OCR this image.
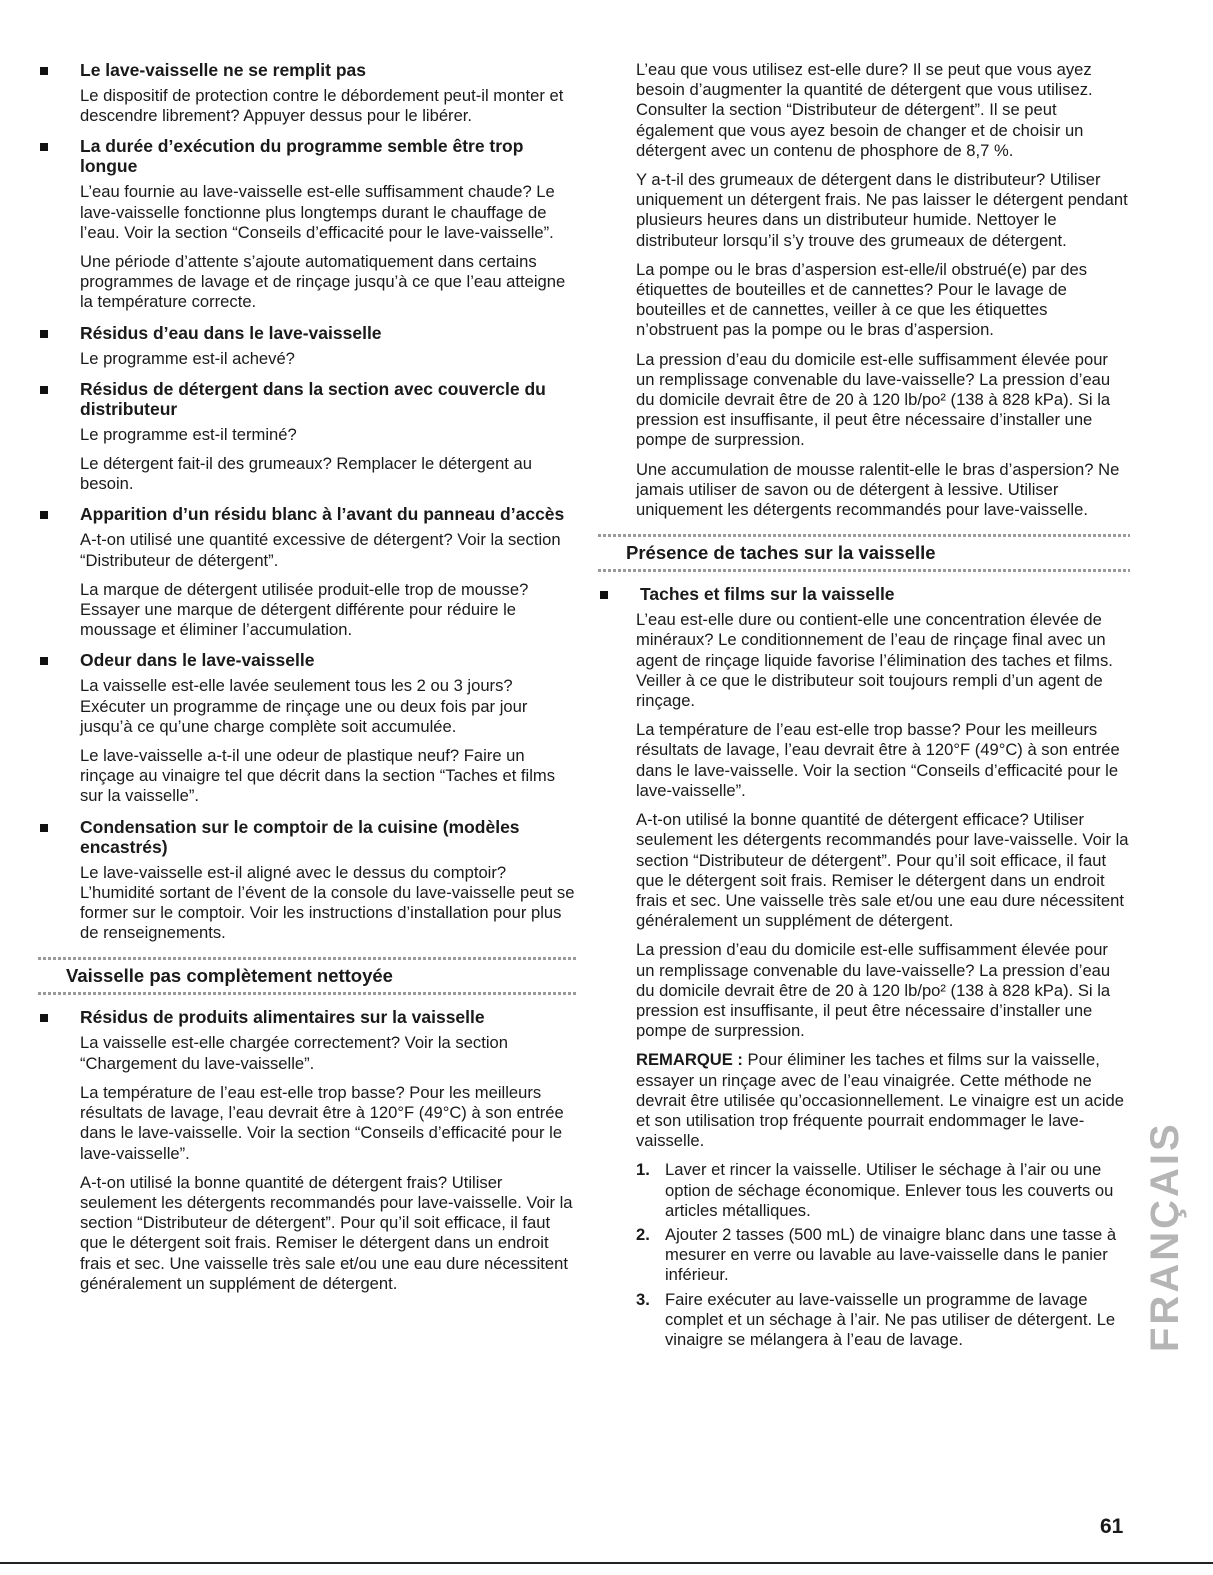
Le lave-vaisselle ne se remplit pas

Le dispositif de protection contre le débordement peut-il monter et descendre librement? Appuyer dessus pour le libérer.

La durée d’exécution du programme semble être trop longue

L’eau fournie au lave-vaisselle est-elle suffisamment chaude? Le lave-vaisselle fonctionne plus longtemps durant le chauffage de l’eau. Voir la section “Conseils d’efficacité pour le lave-vaisselle”.

Une période d’attente s’ajoute automatiquement dans certains programmes de lavage et de rinçage jusqu’à ce que l’eau atteigne la température correcte.

Résidus d’eau dans le lave-vaisselle

Le programme est-il achevé?

Résidus de détergent dans la section avec couvercle du distributeur

Le programme est-il terminé?

Le détergent fait-il des grumeaux? Remplacer le détergent au besoin.

Apparition d’un résidu blanc à l’avant du panneau d’accès

A-t-on utilisé une quantité excessive de détergent? Voir la section “Distributeur de détergent”.

La marque de détergent utilisée produit-elle trop de mousse? Essayer une marque de détergent différente pour réduire le moussage et éliminer l’accumulation.

Odeur dans le lave-vaisselle

La vaisselle est-elle lavée seulement tous les 2 ou 3 jours? Exécuter un programme de rinçage une ou deux fois par jour jusqu’à ce qu’une charge complète soit accumulée.

Le lave-vaisselle a-t-il une odeur de plastique neuf? Faire un rinçage au vinaigre tel que décrit dans la section “Taches et films sur la vaisselle”.

Condensation sur le comptoir de la cuisine (modèles encastrés)

Le lave-vaisselle est-il aligné avec le dessus du comptoir? L’humidité sortant de l’évent de la console du lave-vaisselle peut se former sur le comptoir. Voir les instructions d’installation pour plus de renseignements.

Vaisselle pas complètement nettoyée
Résidus de produits alimentaires sur la vaisselle

La vaisselle est-elle chargée correctement? Voir la section “Chargement du lave-vaisselle”.

La température de l’eau est-elle trop basse? Pour les meilleurs résultats de lavage, l’eau devrait être à 120°F (49°C) à son entrée dans le lave-vaisselle. Voir la section “Conseils d’efficacité pour le lave-vaisselle”.

A-t-on utilisé la bonne quantité de détergent frais? Utiliser seulement les détergents recommandés pour lave-vaisselle. Voir la section “Distributeur de détergent”. Pour qu’il soit efficace, il faut que le détergent soit frais. Remiser le détergent dans un endroit frais et sec. Une vaisselle très sale et/ou une eau dure nécessitent généralement un supplément de détergent.

L’eau que vous utilisez est-elle dure? Il se peut que vous ayez besoin d’augmenter la quantité de détergent que vous utilisez. Consulter la section “Distributeur de détergent”. Il se peut également que vous ayez besoin de changer et de choisir un détergent avec un contenu de phosphore de 8,7 %.

Y a-t-il des grumeaux de détergent dans le distributeur? Utiliser uniquement un détergent frais. Ne pas laisser le détergent pendant plusieurs heures dans un distributeur humide. Nettoyer le distributeur lorsqu’il s’y trouve des grumeaux de détergent.

La pompe ou le bras d’aspersion est-elle/il obstrué(e) par des étiquettes de bouteilles et de cannettes? Pour le lavage de bouteilles et de cannettes, veiller à ce que les étiquettes n’obstruent pas la pompe ou le bras d’aspersion.

La pression d’eau du domicile est-elle suffisamment élevée pour un remplissage convenable du lave-vaisselle? La pression d’eau du domicile devrait être de 20 à 120 lb/po² (138 à 828 kPa). Si la pression est insuffisante, il peut être nécessaire d’installer une pompe de surpression.

Une accumulation de mousse ralentit-elle le bras d’aspersion? Ne jamais utiliser de savon ou de détergent à lessive. Utiliser uniquement les détergents recommandés pour lave-vaisselle.

Présence de taches sur la vaisselle
Taches et films sur la vaisselle

L’eau est-elle dure ou contient-elle une concentration élevée de minéraux? Le conditionnement de l’eau de rinçage final avec un agent de rinçage liquide favorise l’élimination des taches et films. Veiller à ce que le distributeur soit toujours rempli d’un agent de rinçage.

La température de l’eau est-elle trop basse? Pour les meilleurs résultats de lavage, l’eau devrait être à 120°F (49°C) à son entrée dans le lave-vaisselle. Voir la section “Conseils d’efficacité pour le lave-vaisselle”.

A-t-on utilisé la bonne quantité de détergent efficace? Utiliser seulement les détergents recommandés pour lave-vaisselle. Voir la section “Distributeur de détergent”. Pour qu’il soit efficace, il faut que le détergent soit frais. Remiser le détergent dans un endroit frais et sec. Une vaisselle très sale et/ou une eau dure nécessitent généralement un supplément de détergent.

La pression d’eau du domicile est-elle suffisamment élevée pour un remplissage convenable du lave-vaisselle? La pression d’eau du domicile devrait être de 20 à 120 lb/po² (138 à 828 kPa). Si la pression est insuffisante, il peut être nécessaire d’installer une pompe de surpression.

REMARQUE : Pour éliminer les taches et films sur la vaisselle, essayer un rinçage avec de l’eau vinaigrée. Cette méthode ne devrait être utilisée qu’occasionnellement. Le vinaigre est un acide et son utilisation trop fréquente pourrait endommager le lave-vaisselle.

1. Laver et rincer la vaisselle. Utiliser le séchage à l’air ou une option de séchage économique. Enlever tous les couverts ou articles métalliques.
2. Ajouter 2 tasses (500 mL) de vinaigre blanc dans une tasse à mesurer en verre ou lavable au lave-vaisselle dans le panier inférieur.
3. Faire exécuter au lave-vaisselle un programme de lavage complet et un séchage à l’air. Ne pas utiliser de détergent. Le vinaigre se mélangera à l’eau de lavage.	FRANÇAIS
61
